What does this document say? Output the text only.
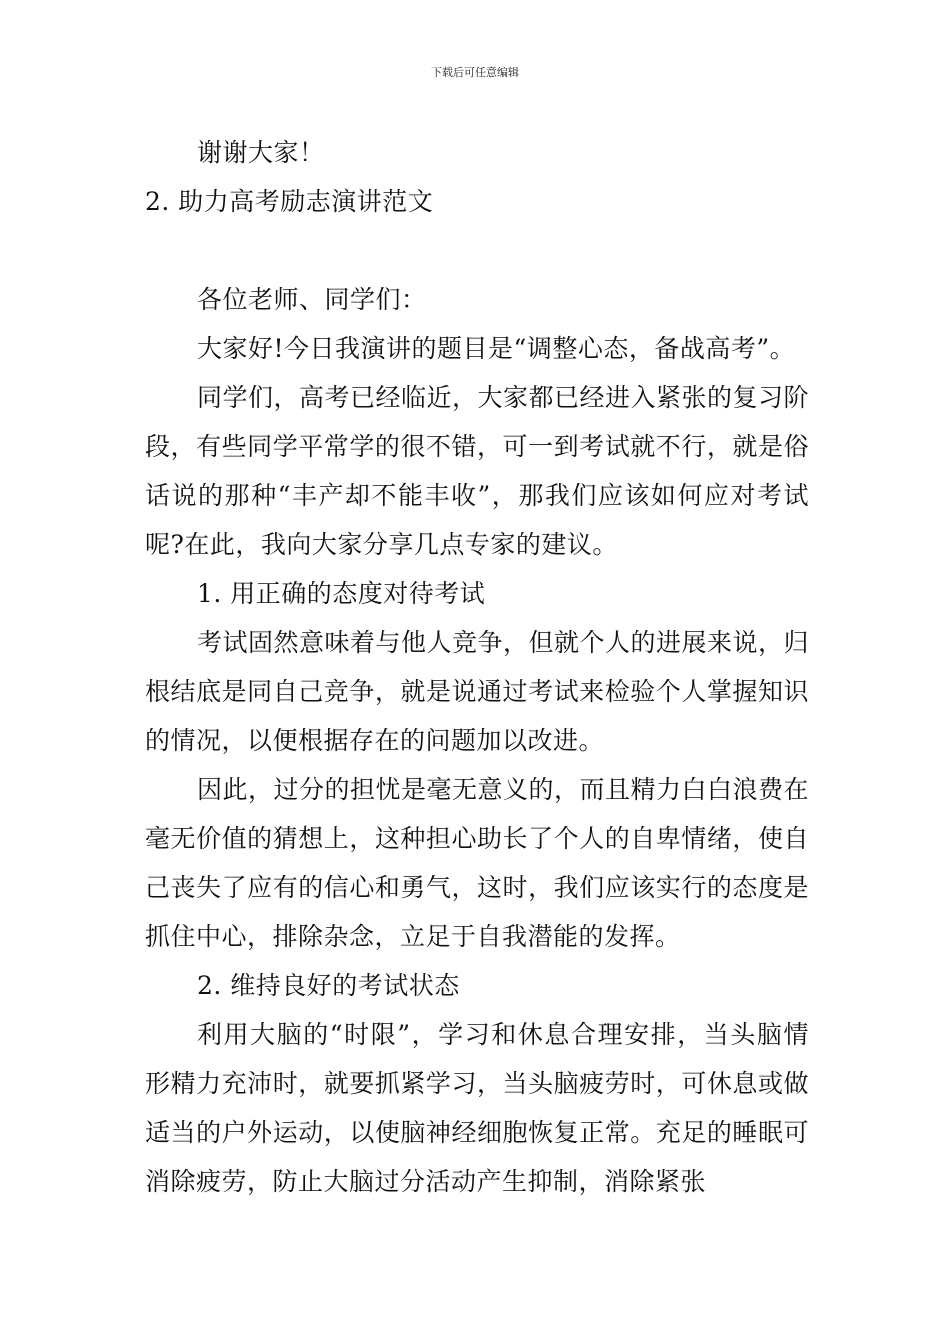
下载后可任意编辑

谢谢大家！

2. 助力高考励志演讲范文

各位老师、同学们：

大家好!今日我演讲的题目是“调整心态，备战高考”。

同学们，高考已经临近，大家都已经进入紧张的复习阶段，有些同学平常学的很不错，可一到考试就不行，就是俗话说的那种“丰产却不能丰收”，那我们应该如何应对考试呢?在此，我向大家分享几点专家的建议。

1. 用正确的态度对待考试

考试固然意味着与他人竞争，但就个人的进展来说，归根结底是同自己竞争，就是说通过考试来检验个人掌握知识的情况，以便根据存在的问题加以改进。

因此，过分的担忧是毫无意义的，而且精力白白浪费在毫无价值的猜想上，这种担心助长了个人的自卑情绪，使自己丧失了应有的信心和勇气，这时，我们应该实行的态度是抓住中心，排除杂念，立足于自我潜能的发挥。

2. 维持良好的考试状态

利用大脑的“时限”，学习和休息合理安排，当头脑情形精力充沛时，就要抓紧学习，当头脑疲劳时，可休息或做适当的户外运动，以使脑神经细胞恢复正常。充足的睡眠可消除疲劳，防止大脑过分活动产生抑制，消除紧张
